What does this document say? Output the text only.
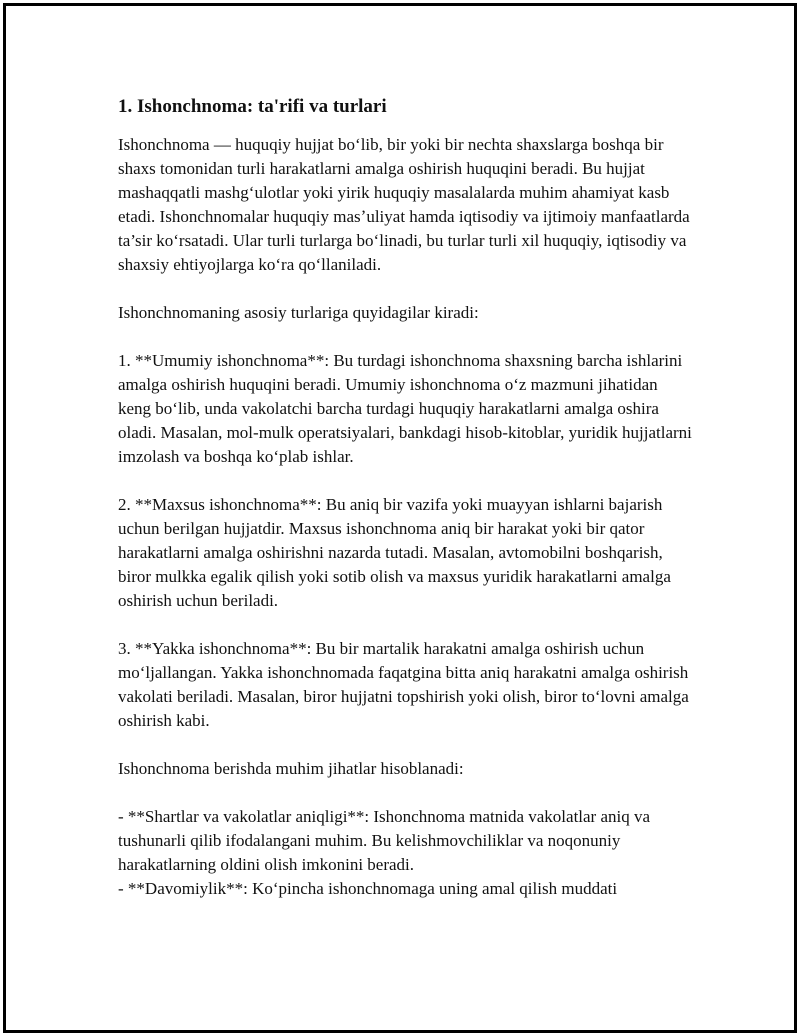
1. Ishonchnoma: ta'rifi va turlari

Ishonchnoma — huquqiy hujjat bo‘lib, bir yoki bir nechta shaxslarga boshqa bir shaxs tomonidan turli harakatlarni amalga oshirish huquqini beradi. Bu hujjat mashaqqatli mashg‘ulotlar yoki yirik huquqiy masalalarda muhim ahamiyat kasb etadi. Ishonchnomalar huquqiy masʼuliyat hamda iqtisodiy va ijtimoiy manfaatlarda ta’sir ko‘rsatadi. Ular turli turlarga bo‘linadi, bu turlar turli xil huquqiy, iqtisodiy va shaxsiy ehtiyojlarga ko‘ra qo‘llaniladi.

Ishonchnomaning asosiy turlariga quyidagilar kiradi:

1. **Umumiy ishonchnoma**: Bu turdagi ishonchnoma shaxsning barcha ishlarini amalga oshirish huquqini beradi. Umumiy ishonchnoma o‘z mazmuni jihatidan keng bo‘lib, unda vakolatchi barcha turdagi huquqiy harakatlarni amalga oshira oladi. Masalan, mol-mulk operatsiyalari, bankdagi hisob-kitoblar, yuridik hujjatlarni imzolash va boshqa ko‘plab ishlar.

2. **Maxsus ishonchnoma**: Bu aniq bir vazifa yoki muayyan ishlarni bajarish uchun berilgan hujjatdir. Maxsus ishonchnoma aniq bir harakat yoki bir qator harakatlarni amalga oshirishni nazarda tutadi. Masalan, avtomobilni boshqarish, biror mulkka egalik qilish yoki sotib olish va maxsus yuridik harakatlarni amalga oshirish uchun beriladi.

3. **Yakka ishonchnoma**: Bu bir martalik harakatni amalga oshirish uchun mo‘ljallangan. Yakka ishonchnomada faqatgina bitta aniq harakatni amalga oshirish vakolati beriladi. Masalan, biror hujjatni topshirish yoki olish, biror to‘lovni amalga oshirish kabi.

Ishonchnoma berishda muhim jihatlar hisoblanadi:

- **Shartlar va vakolatlar aniqligi**: Ishonchnoma matnida vakolatlar aniq va tushunarli qilib ifodalangani muhim. Bu kelishmovchiliklar va noqonuniy harakatlarning oldini olish imkonini beradi.

- **Davomiylik**: Ko‘pincha ishonchnomaga uning amal qilish muddati
